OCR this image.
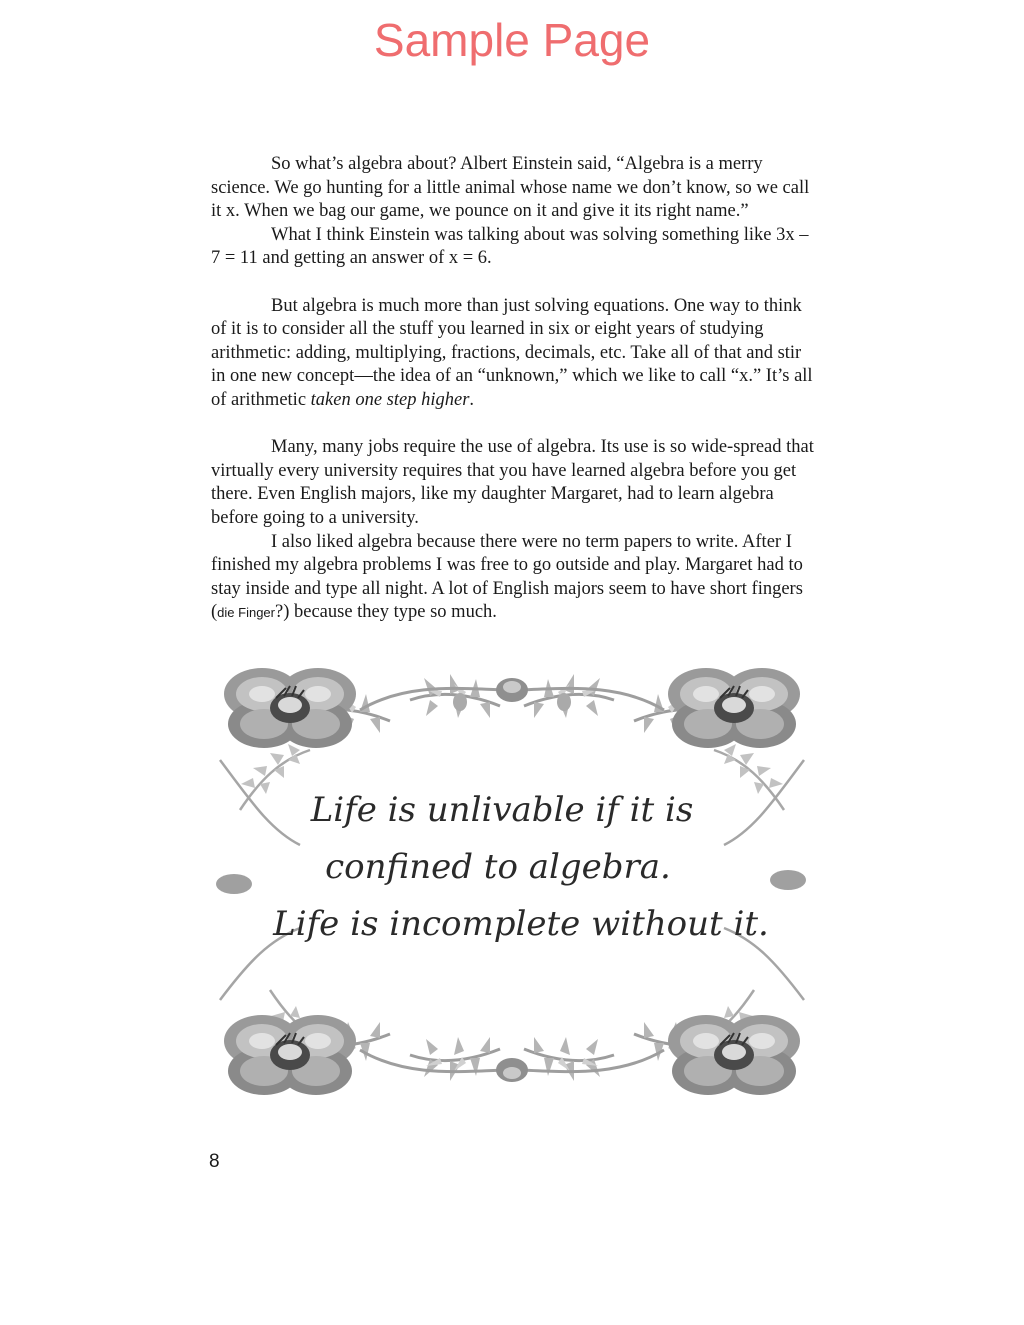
Sample Page

So what’s algebra about? Albert Einstein said, “Algebra is a merry science. We go hunting for a little animal whose name we don’t know, so we call it x. When we bag our game, we pounce on it and give it its right name.”

What I think Einstein was talking about was solving something like 3x – 7 = 11 and getting an answer of x = 6.

But algebra is much more than just solving equations. One way to think of it is to consider all the stuff you learned in six or eight years of studying arithmetic: adding, multiplying, fractions, decimals, etc. Take all of that and stir in one new concept—the idea of an “unknown,” which we like to call “x.” It’s all of arithmetic taken one step higher.

Many, many jobs require the use of algebra. Its use is so wide-spread that virtually every university requires that you have learned algebra before you get there. Even English majors, like my daughter Margaret, had to learn algebra before going to a university.

I also liked algebra because there were no term papers to write. After I finished my algebra problems I was free to go outside and play. Margaret had to stay inside and type all night. A lot of English majors seem to have short fingers (die Finger?) because they type so much.

Life is unlivable if it is
confined to algebra.
Life is incomplete without it.
8
